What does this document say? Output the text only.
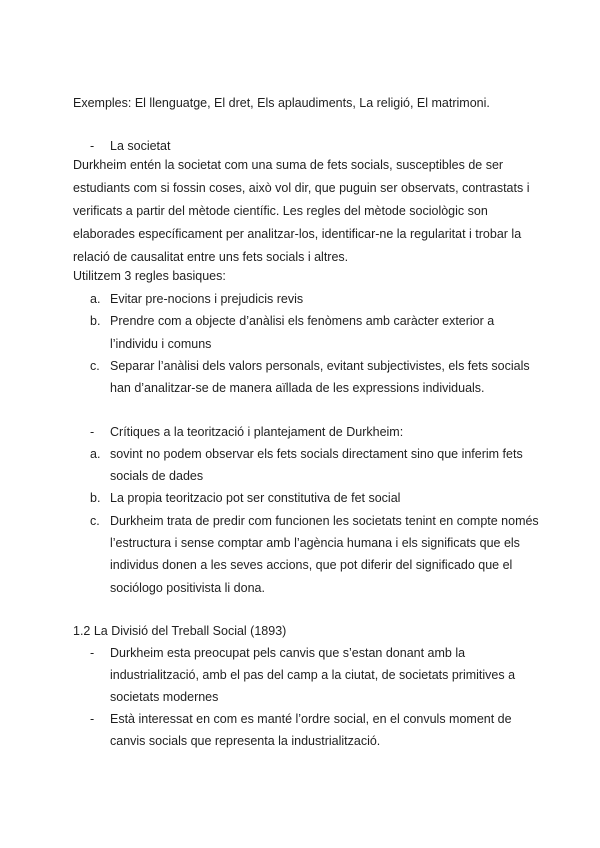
Exemples: El llenguatge, El dret, Els aplaudiments, La religió, El matrimoni.
-	La societat
Durkheim entén la societat com una suma de fets socials, susceptibles de ser
estudiants com si fossin coses, això vol dir, que puguin ser observats, contrastats i
verificats a partir del mètode científic. Les regles del mètode sociològic son
elaborades específicament per analitzar-los, identificar-ne la regularitat i trobar la
relació de causalitat entre uns fets socials i altres.
Utilitzem 3 regles basiques:
a. Evitar pre-nocions i prejudicis revis
b. Prendre com a objecte d’anàlisi els fenòmens amb caràcter exterior a
l’individu i comuns
c. Separar l’anàlisi dels valors personals, evitant subjectivistes, els fets socials
han d’analitzar-se de manera aïllada de les expressions individuals.
-	Crítiques a la teorització i plantejament de Durkheim:
a. sovint no podem observar els fets socials directament sino que inferim fets
socials de dades
b. La propia teoritzacio pot ser constitutiva de fet social
c. Durkheim trata de predir com funcionen les societats tenint en compte només
l’estructura i sense comptar amb l’agència humana i els significats que els
individus donen a les seves accions, que pot diferir del significado que el
sociólogo positivista li dona.
1.2 La Divisió del Treball Social (1893)
-	Durkheim esta preocupat pels canvis que s’estan donant amb la
industrialització, amb el pas del camp a la ciutat, de societats primitives a
societats modernes
-	Està interessat en com es manté l’ordre social, en el convuls moment de
canvis socials que representa la industrialització.
